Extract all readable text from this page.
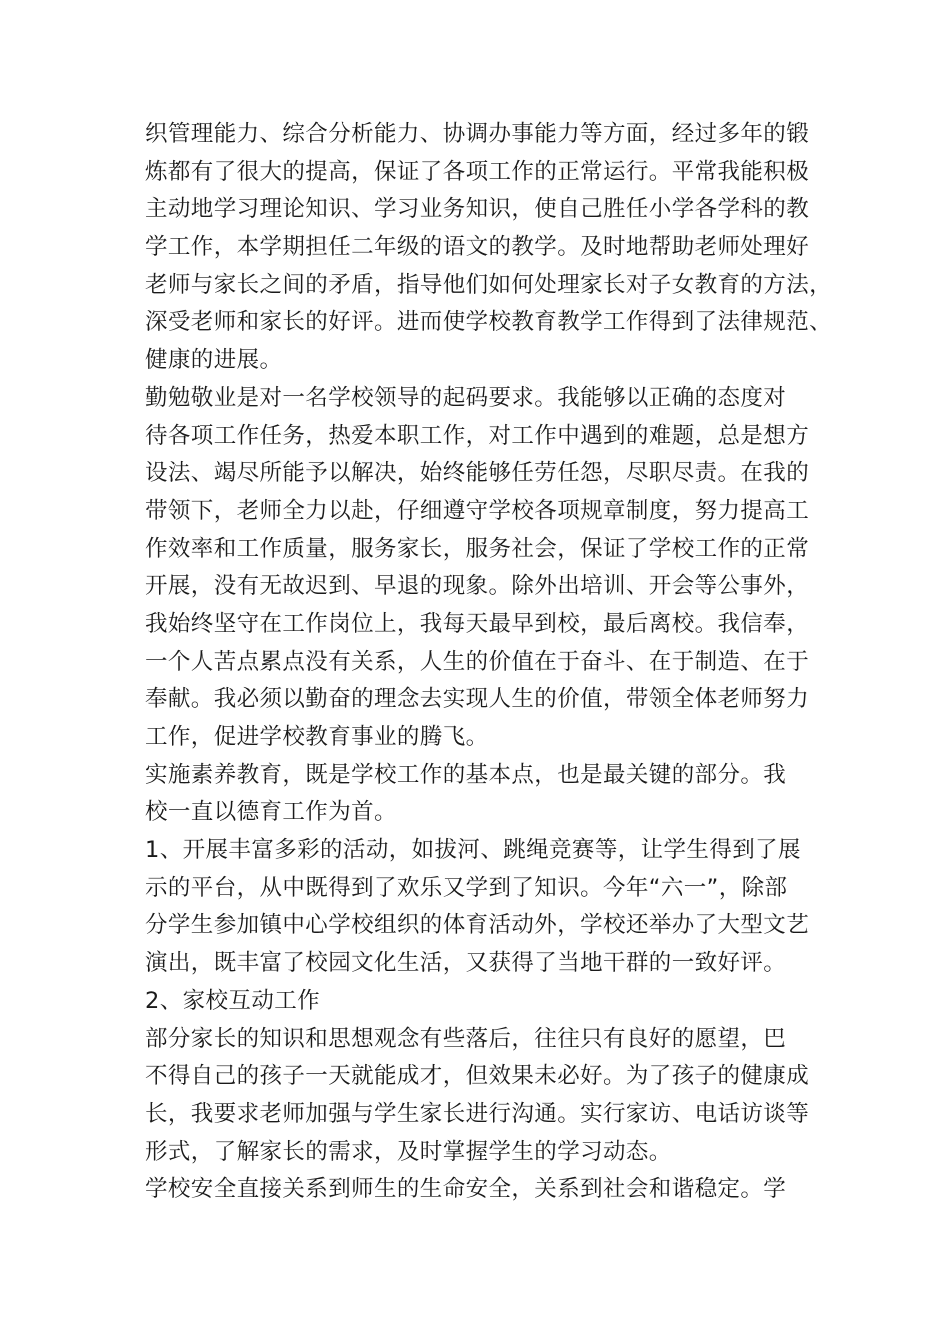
织管理能力、综合分析能力、协调办事能力等方面，经过多年的锻
炼都有了很大的提高，保证了各项工作的正常运行。平常我能积极
主动地学习理论知识、学习业务知识，使自己胜任小学各学科的教
学工作，本学期担任二年级的语文的教学。及时地帮助老师处理好
老师与家长之间的矛盾，指导他们如何处理家长对子女教育的方法，
深受老师和家长的好评。进而使学校教育教学工作得到了法律规范、
健康的进展。
勤勉敬业是对一名学校领导的起码要求。我能够以正确的态度对
待各项工作任务，热爱本职工作，对工作中遇到的难题，总是想方
设法、竭尽所能予以解决，始终能够任劳任怨，尽职尽责。在我的
带领下，老师全力以赴，仔细遵守学校各项规章制度，努力提高工
作效率和工作质量，服务家长，服务社会，保证了学校工作的正常
开展，没有无故迟到、早退的现象。除外出培训、开会等公事外，
我始终坚守在工作岗位上，我每天最早到校，最后离校。我信奉，
一个人苦点累点没有关系，人生的价值在于奋斗、在于制造、在于
奉献。我必须以勤奋的理念去实现人生的价值，带领全体老师努力
工作，促进学校教育事业的腾飞。
实施素养教育，既是学校工作的基本点，也是最关键的部分。我
校一直以德育工作为首。
1、开展丰富多彩的活动，如拔河、跳绳竞赛等，让学生得到了展
示的平台，从中既得到了欢乐又学到了知识。今年“六一”，除部
分学生参加镇中心学校组织的体育活动外，学校还举办了大型文艺
演出，既丰富了校园文化生活，又获得了当地干群的一致好评。
2、家校互动工作
部分家长的知识和思想观念有些落后，往往只有良好的愿望，巴
不得自己的孩子一天就能成才，但效果未必好。为了孩子的健康成
长，我要求老师加强与学生家长进行沟通。实行家访、电话访谈等
形式，了解家长的需求，及时掌握学生的学习动态。
学校安全直接关系到师生的生命安全，关系到社会和谐稳定。学
